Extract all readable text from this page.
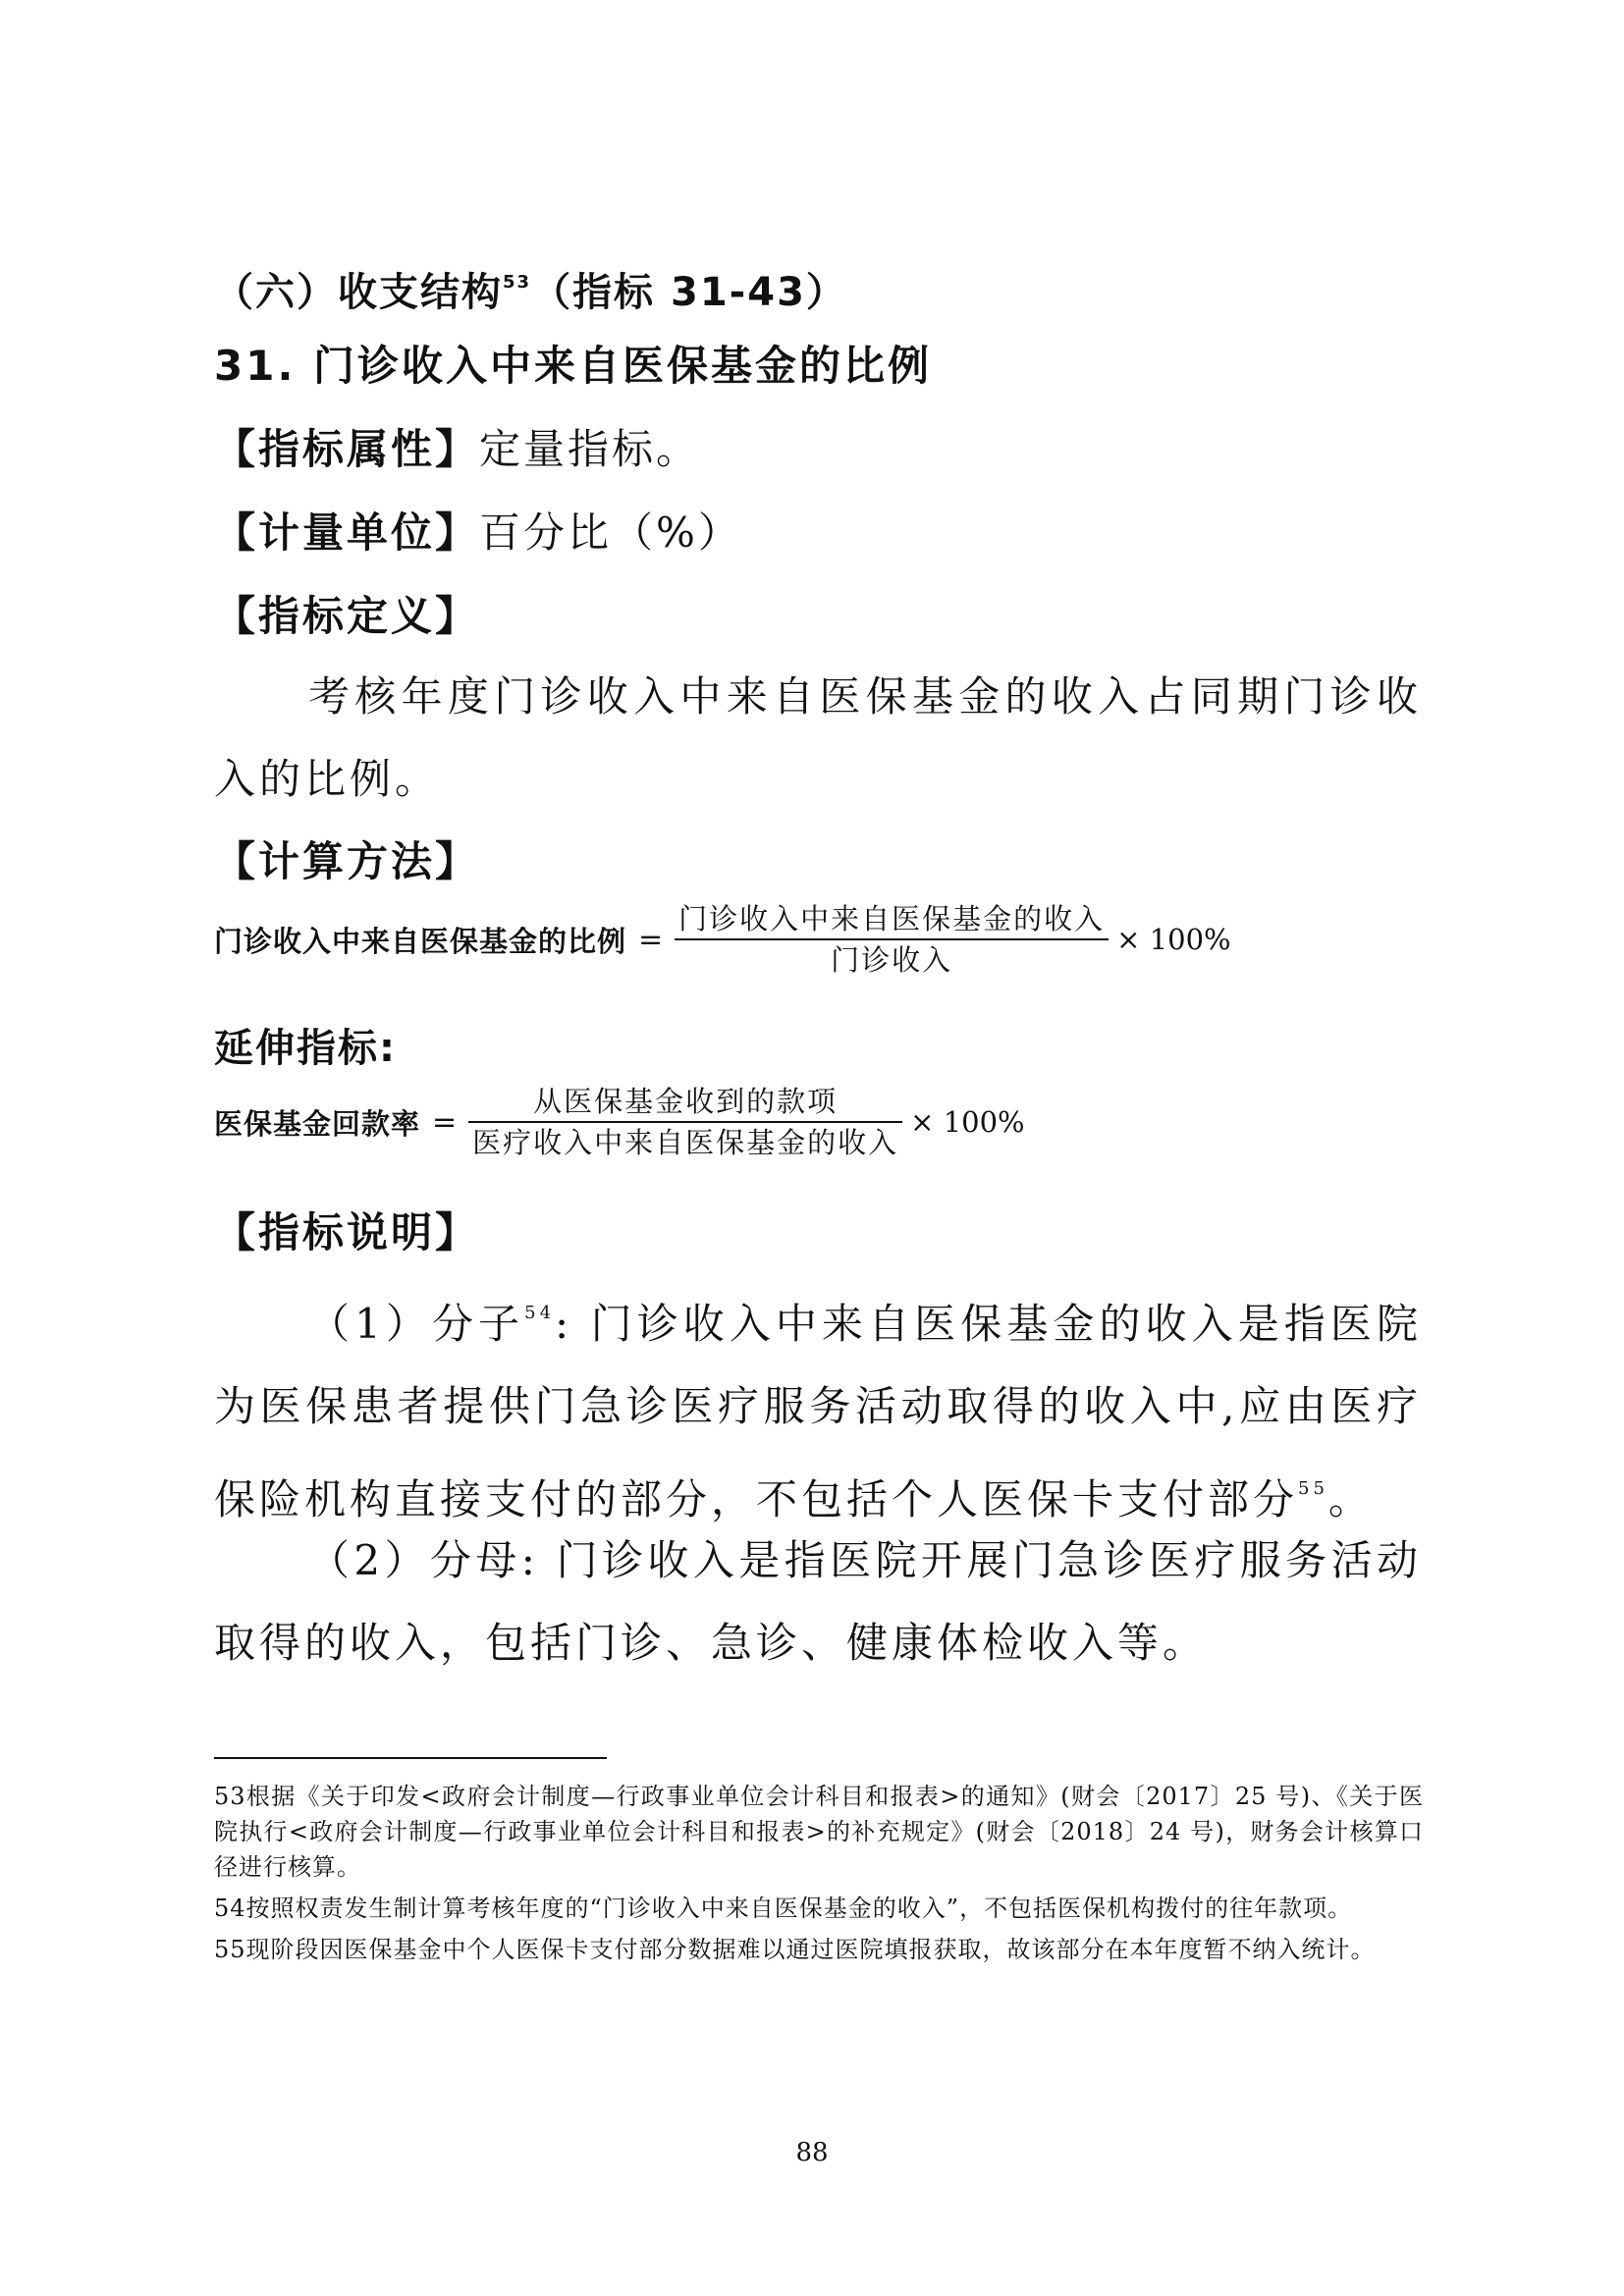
（六）收支结构$^{53}$（指标 31-43）
31. 门诊收入中来自医保基金的比例
【指标属性】定量指标。
【计量单位】百分比（%）
【指标定义】
考核年度门诊收入中来自医保基金的收入占同期门诊收入的比例。
【计算方法】
门诊收入中来自医保基金的比例 = $\frac{\text{门诊收入中来自医保基金的收入}}{\text{门诊收入}} \times 100\%$
延伸指标:
医保基金回款率 = $\frac{\text{从医保基金收到的款项}}{\text{医疗收入中来自医保基金的收入}} \times 100\%$
【指标说明】
（1）分子$^{54}$: 门诊收入中来自医保基金的收入是指医院为医保患者提供门急诊医疗服务活动取得的收入中,应由医疗保险机构直接支付的部分，不包括个人医保卡支付部分$^{55}$。
（2）分母: 门诊收入是指医院开展门急诊医疗服务活动取得的收入，包括门诊、急诊、健康体检收入等。

53根据《关于印发<政府会计制度—行政事业单位会计科目和报表>的通知》(财会〔2017〕25 号)、《关于医院执行<政府会计制度—行政事业单位会计科目和报表>的补充规定》(财会〔2018〕24 号)，财务会计核算口径进行核算。

54按照权责发生制计算考核年度的“门诊收入中来自医保基金的收入”，不包括医保机构拨付的往年款项。

55现阶段因医保基金中个人医保卡支付部分数据难以通过医院填报获取，故该部分在本年度暂不纳入统计。

88
